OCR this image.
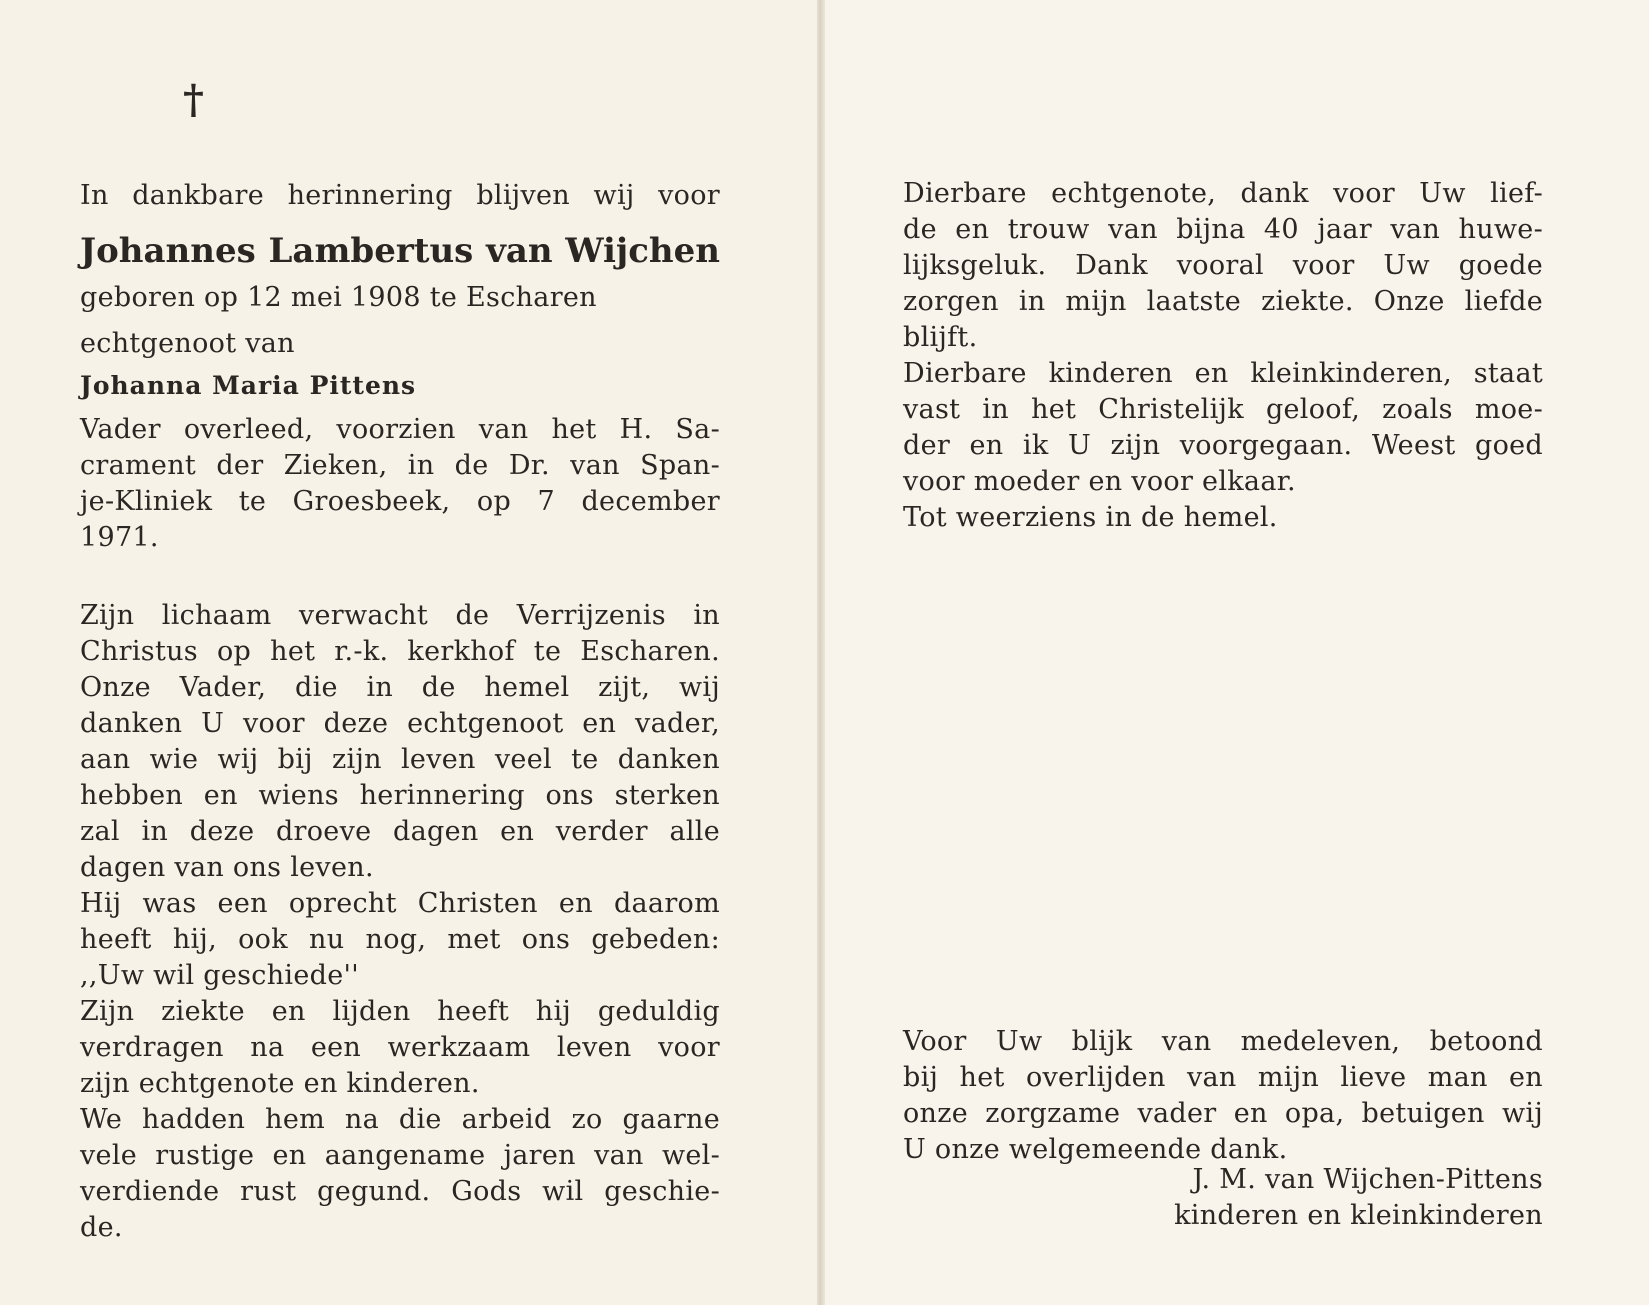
†
In dankbare herinnering blijven wij voor
Johannes Lambertus van Wijchen
geboren op 12 mei 1908 te Escharen
echtgenoot van
Johanna Maria Pittens
Vader overleed, voorzien van het H. Sa-
crament der Zieken, in de Dr. van Span-
je-Kliniek te Groesbeek, op 7 december
1971.
Zijn lichaam verwacht de Verrijzenis in
Christus op het r.-k. kerkhof te Escharen.
Onze Vader, die in de hemel zijt, wij
danken U voor deze echtgenoot en vader,
aan wie wij bij zijn leven veel te danken
hebben en wiens herinnering ons sterken
zal in deze droeve dagen en verder alle
dagen van ons leven.
Hij was een oprecht Christen en daarom
heeft hij, ook nu nog, met ons gebeden:
,,Uw wil geschiede''
Zijn ziekte en lijden heeft hij geduldig
verdragen na een werkzaam leven voor
zijn echtgenote en kinderen.
We hadden hem na die arbeid zo gaarne
vele rustige en aangename jaren van wel-
verdiende rust gegund. Gods wil geschie-
de.
Dierbare echtgenote, dank voor Uw lief-
de en trouw van bijna 40 jaar van huwe-
lijksgeluk. Dank vooral voor Uw goede
zorgen in mijn laatste ziekte. Onze liefde
blijft.
Dierbare kinderen en kleinkinderen, staat
vast in het Christelijk geloof, zoals moe-
der en ik U zijn voorgegaan. Weest goed
voor moeder en voor elkaar.
Tot weerziens in de hemel.
Voor Uw blijk van medeleven, betoond
bij het overlijden van mijn lieve man en
onze zorgzame vader en opa, betuigen wij
U onze welgemeende dank.
J. M. van Wijchen-Pittens
kinderen en kleinkinderen
